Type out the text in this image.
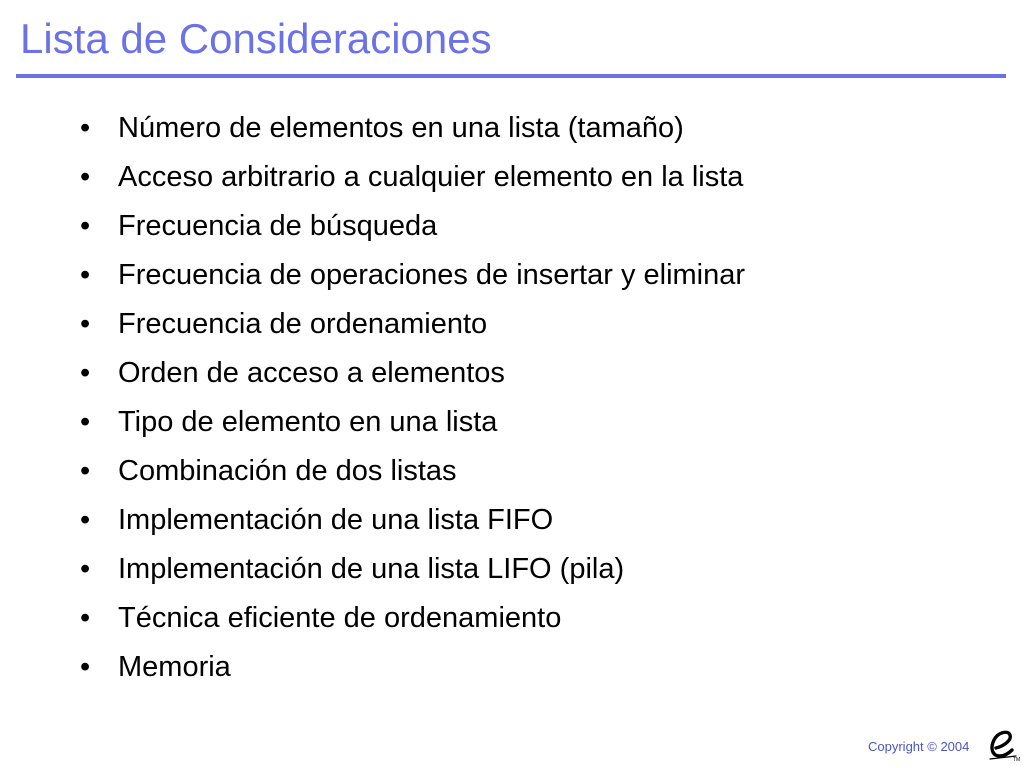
Lista de Consideraciones
• Número de elementos en una lista (tamaño)
• Acceso arbitrario a cualquier elemento en la lista
• Frecuencia de búsqueda
• Frecuencia de operaciones de insertar y eliminar
• Frecuencia de ordenamiento
• Orden de acceso a elementos
• Tipo de elemento en una lista
• Combinación de dos listas
• Implementación de una lista FIFO
• Implementación de una lista LIFO (pila)
• Técnica eficiente de ordenamiento
• Memoria
Copyright © 2004
TM
